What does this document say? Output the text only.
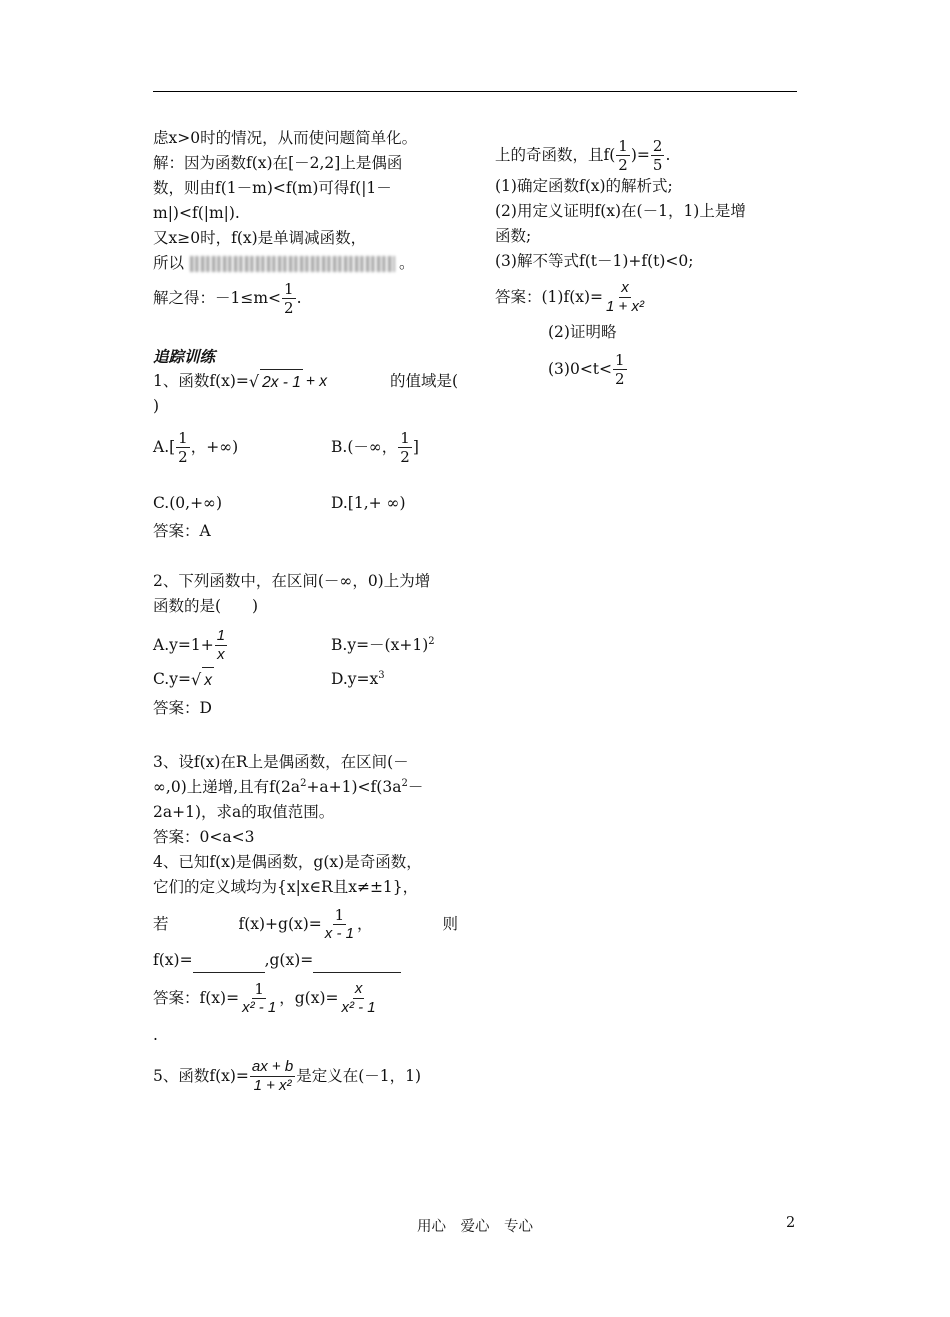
虑x>0时的情况，从而使问题简单化。
解：因为函数f(x)在[－2,2]上是偶函
数，则由f(1－m)<f(m)可得f(|1－
m|)<f(|m|).
又x≥0时，f(x)是单调减函数，
所以	。
解之得：$-1\le m< \frac{1}{2}$ .
追踪训练
1、函数f(x)= √ 2x - 1 + x	的值域是(
)
$A.[ \frac{1}{2}$ ，+∞)	B.(－∞， $\frac{1}{2}$ ]
C.(0,+∞)	D.[1,+ ∞)
答案：A
2、下列函数中，在区间(－∞，0)上为增
函数的是(　　)
$A.y=1+ \frac{1}{x}$	$B.y=-(x+1)^2$
C.y= √ x	$D.y=x^3$
答案：D
3、设f(x)在R上是偶函数，在区间(－
∞,0)上递增,且有$f(2a^2+a+1)<f(3a^2-$
2a+1)，求a的取值范围。
答案：0<a<3
4、已知f(x)是偶函数，g(x)是奇函数，
它们的定义域均为{x|x∈R且x≠±1}，
若	$f(x)+g(x)= \frac{1}{x - 1}$ ，	则
f(x)=	,g(x)=
答案：$f(x)= \frac{1}{\text{x² - 1}}$ ，$g(x)= \frac{x}{\text{x² - 1}}$
.
5、函数$f(x)= \frac{ax + b}{\text{1 + x²}}$ 是定义在(－1，1)
上的奇函数，且$f( \frac{1}{2}$ )= $\frac{2}{5}$ .
(1)确定函数f(x)的解析式;
(2)用定义证明f(x)在(－1，1)上是增
函数;
(3)解不等式f(t－1)+f(t)<0;
答案：$(1)f(x)= \frac{x}{\text{1 + x²}}$
(2)证明略
$(3)0<t< \frac{1}{2}$
用心　爱心　专心	2
